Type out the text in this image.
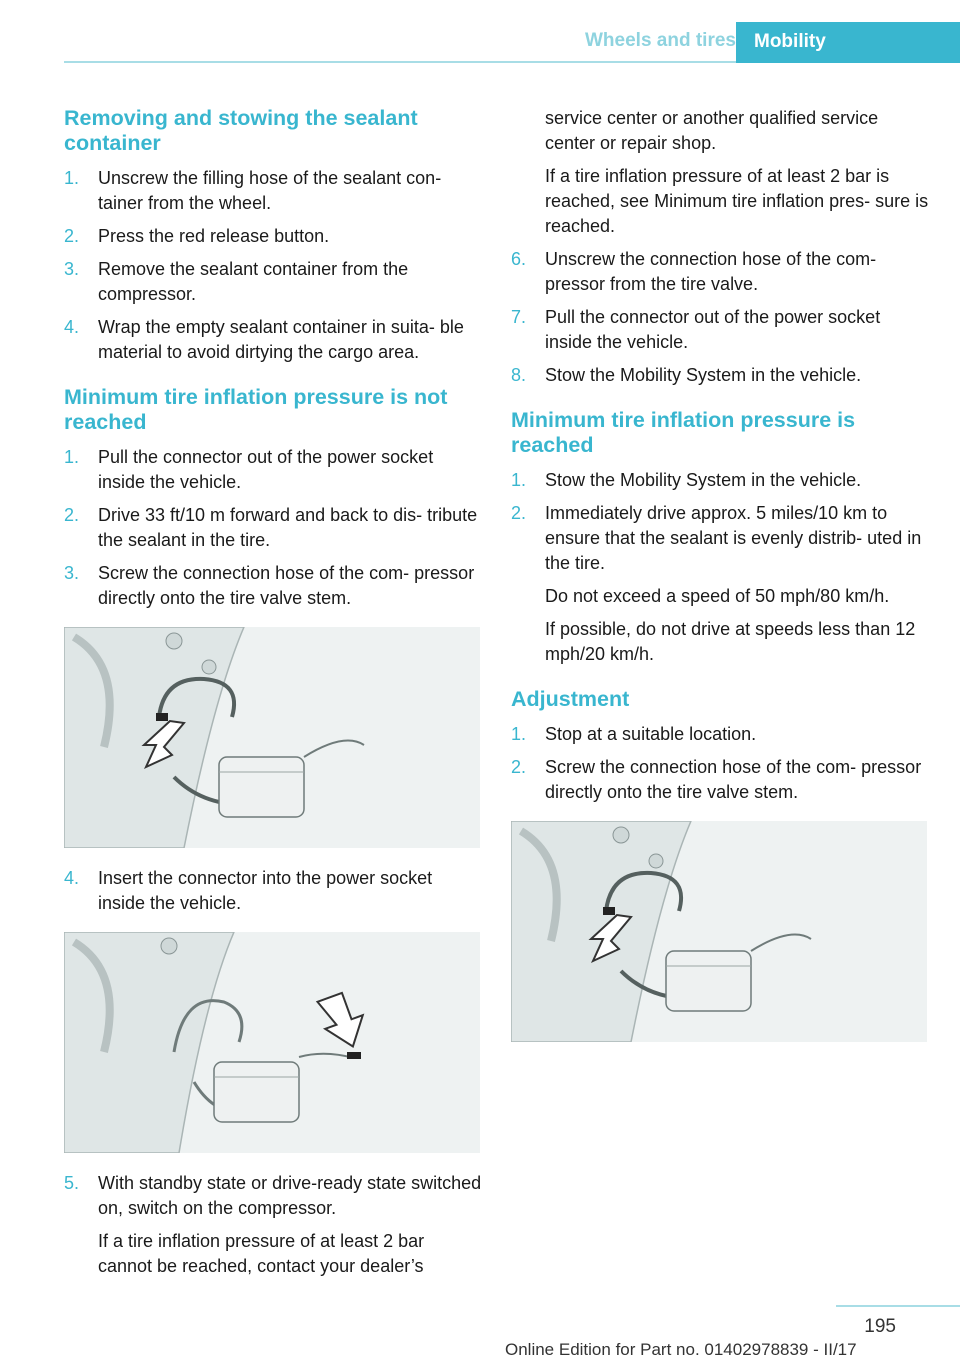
Wheels and tires Mobility
Removing and stowing the sealant container
1. Unscrew the filling hose of the sealant con‐ tainer from the wheel.
2. Press the red release button.
3. Remove the sealant container from the compressor.
4. Wrap the empty sealant container in suita‐ ble material to avoid dirtying the cargo area.
Minimum tire inflation pressure is not reached
1. Pull the connector out of the power socket inside the vehicle.
2. Drive 33 ft/10 m forward and back to dis‐ tribute the sealant in the tire.
3. Screw the connection hose of the com‐ pressor directly onto the tire valve stem.
4. Insert the connector into the power socket inside the vehicle.
5. With standby state or drive-ready state switched on, switch on the compressor.
If a tire inflation pressure of at least 2 bar cannot be reached, contact your dealer’s
service center or another qualified service center or repair shop.
If a tire inflation pressure of at least 2 bar is reached, see Minimum tire inflation pres‐ sure is reached.
6. Unscrew the connection hose of the com‐ pressor from the tire valve.
7. Pull the connector out of the power socket inside the vehicle.
8. Stow the Mobility System in the vehicle.
Minimum tire inflation pressure is reached
1. Stow the Mobility System in the vehicle.
2. Immediately drive approx. 5 miles/10 km to ensure that the sealant is evenly distrib‐ uted in the tire.
Do not exceed a speed of 50 mph/80 km/h.
If possible, do not drive at speeds less than 12 mph/20 km/h.
Adjustment
1. Stop at a suitable location.
2. Screw the connection hose of the com‐ pressor directly onto the tire valve stem.
195
Online Edition for Part no. 01402978839 - II/17
